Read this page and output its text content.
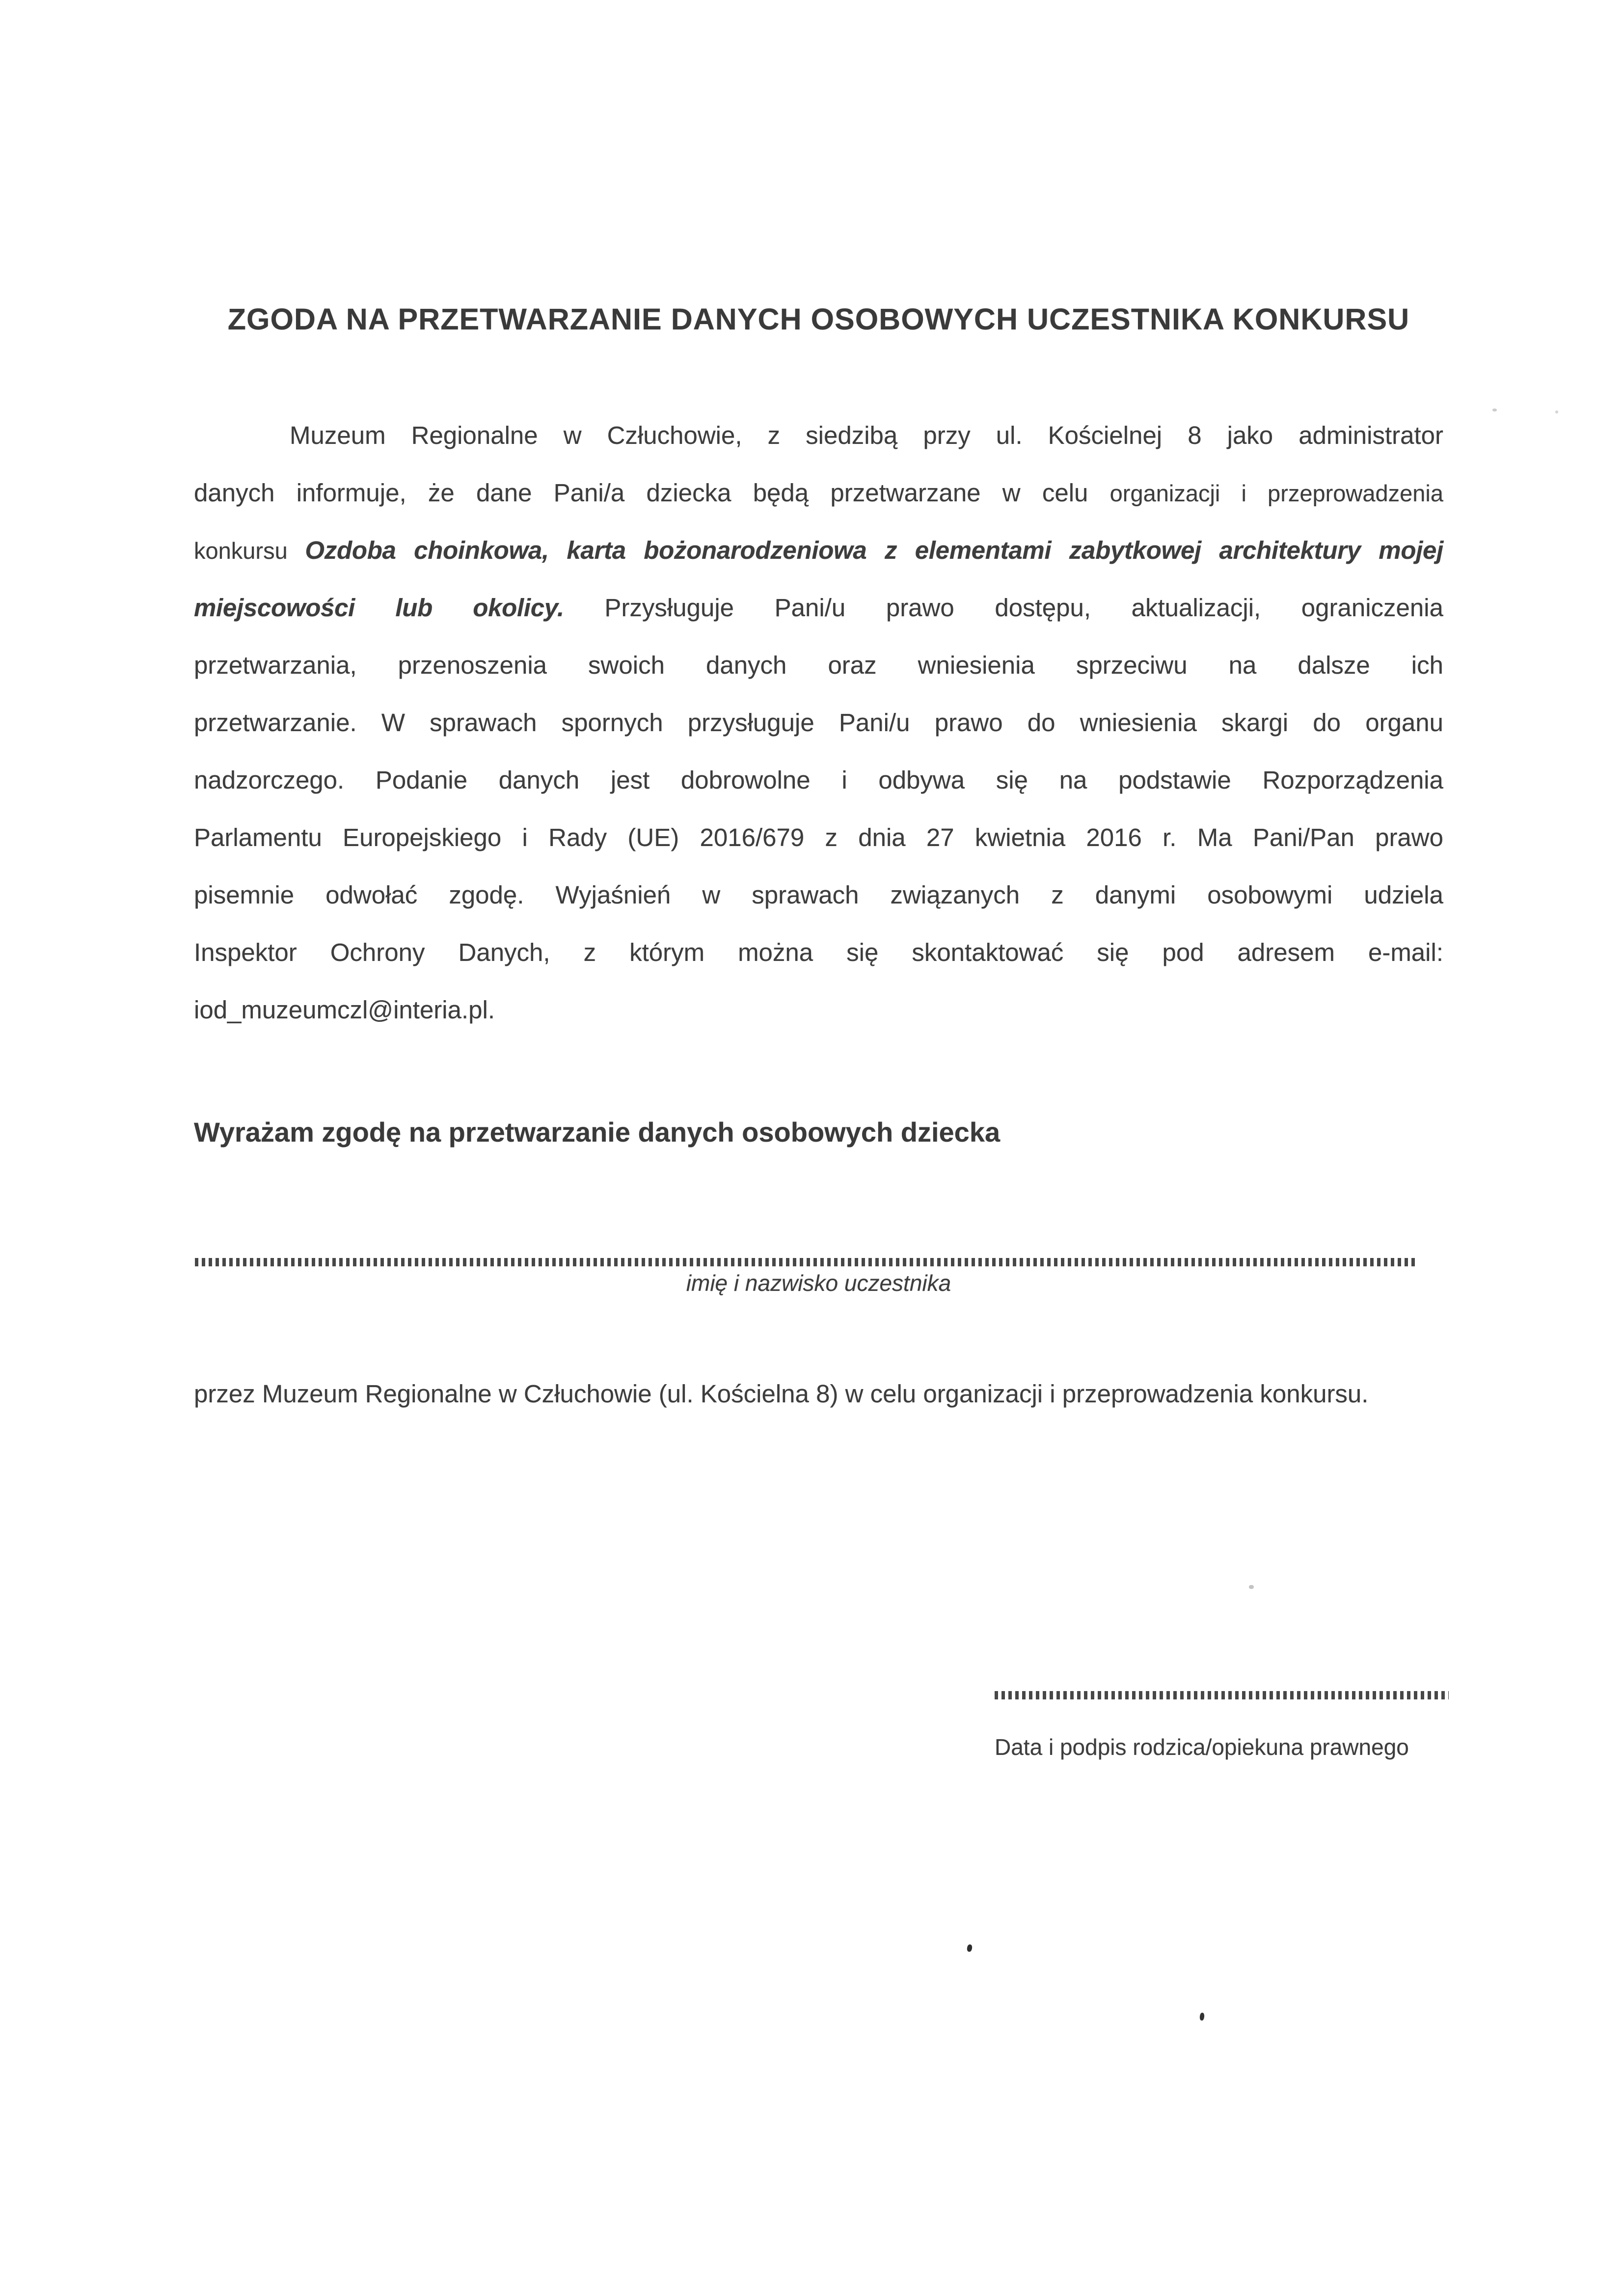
ZGODA NA PRZETWARZANIE DANYCH OSOBOWYCH UCZESTNIKA KONKURSU
Muzeum Regionalne w Człuchowie, z siedzibą przy ul. Kościelnej 8 jako administrator
danych informuje, że dane Pani/a dziecka będą przetwarzane w celu organizacji i przeprowadzenia
konkursu Ozdoba choinkowa, karta bożonarodzeniowa z elementami zabytkowej architektury mojej
miejscowości lub okolicy. Przysługuje Pani/u prawo dostępu, aktualizacji, ograniczenia
przetwarzania, przenoszenia swoich danych oraz wniesienia sprzeciwu na dalsze ich
przetwarzanie. W sprawach spornych przysługuje Pani/u prawo do wniesienia skargi do organu
nadzorczego. Podanie danych jest dobrowolne i odbywa się na podstawie Rozporządzenia
Parlamentu Europejskiego i Rady (UE) 2016/679 z dnia 27 kwietnia 2016 r. Ma Pani/Pan prawo
pisemnie odwołać zgodę. Wyjaśnień w sprawach związanych z danymi osobowymi udziela
Inspektor Ochrony Danych, z którym można się skontaktować się pod adresem e-mail:
iod_muzeumczl@interia.pl.
Wyrażam zgodę na przetwarzanie danych osobowych dziecka
imię i nazwisko uczestnika
przez Muzeum Regionalne w Człuchowie (ul. Kościelna 8) w celu organizacji i przeprowadzenia konkursu.
Data i podpis rodzica/opiekuna prawnego
